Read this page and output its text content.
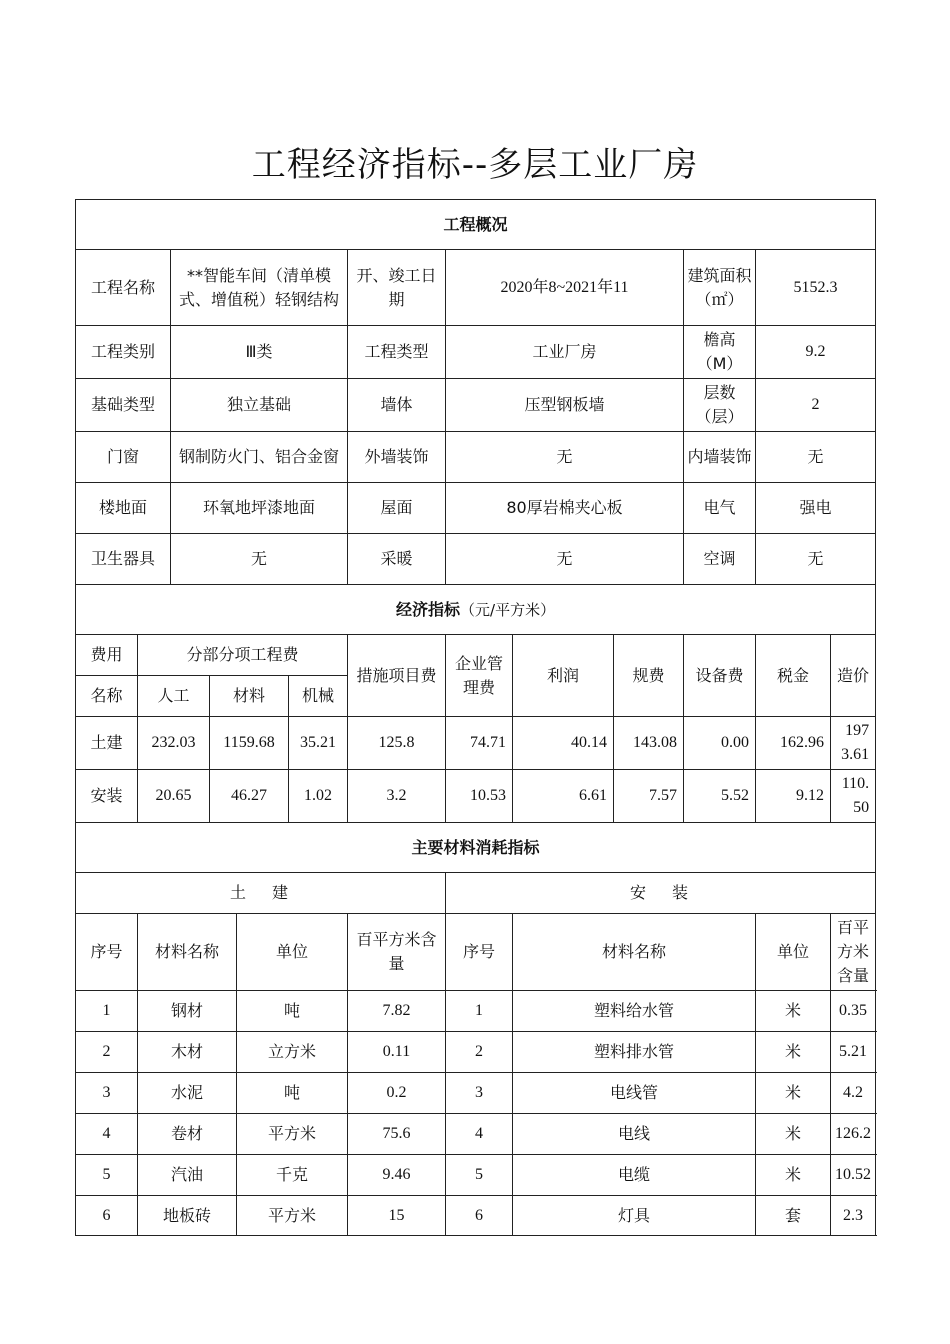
工程经济指标--多层工业厂房
工程概况												
工程名称		**智能车间（清单模式、增值税）轻钢结构				开、竣工日期	2020年8~2021年11			建筑面积（㎡）	5152.3	
工程类别		Ⅲ类				工程类型	工业厂房			檐高（M）	9.2	
基础类型		独立基础				墙体	压型钢板墙			层数（层）	2	
门窗		钢制防火门、铝合金窗				外墙装饰	无			内墙装饰	无	
楼地面		环氧地坪漆地面				屋面	80厚岩棉夹心板			电气	强电	
卫生器具		无				采暖	无			空调	无	
经济指标（元/平方米）												
费用	分部分项工程费					措施项目费	企业管理费	利润	规费	设备费	税金	造价
名称	人工		材料		机械							
土建	232.03		1159.68		35.21	125.8	74.71	40.14	143.08	0.00	162.96	1973.61
安装	20.65		46.27		1.02	3.2	10.53	6.61	7.57	5.52	9.12	110.50
主要材料消耗指标												
土建							安装					
序号	材料名称			单位		百平方米含量	序号	材料名称			单位	百平方米含量
1	钢材			吨		7.82	1	塑料给水管			米	0.35
2	木材			立方米		0.11	2	塑料排水管			米	5.21
3	水泥			吨		0.2	3	电线管			米	4.2
4	卷材			平方米		75.6	4	电线			米	126.2
5	汽油			千克		9.46	5	电缆			米	10.52
6	地板砖			平方米		15	6	灯具			套	2.3
